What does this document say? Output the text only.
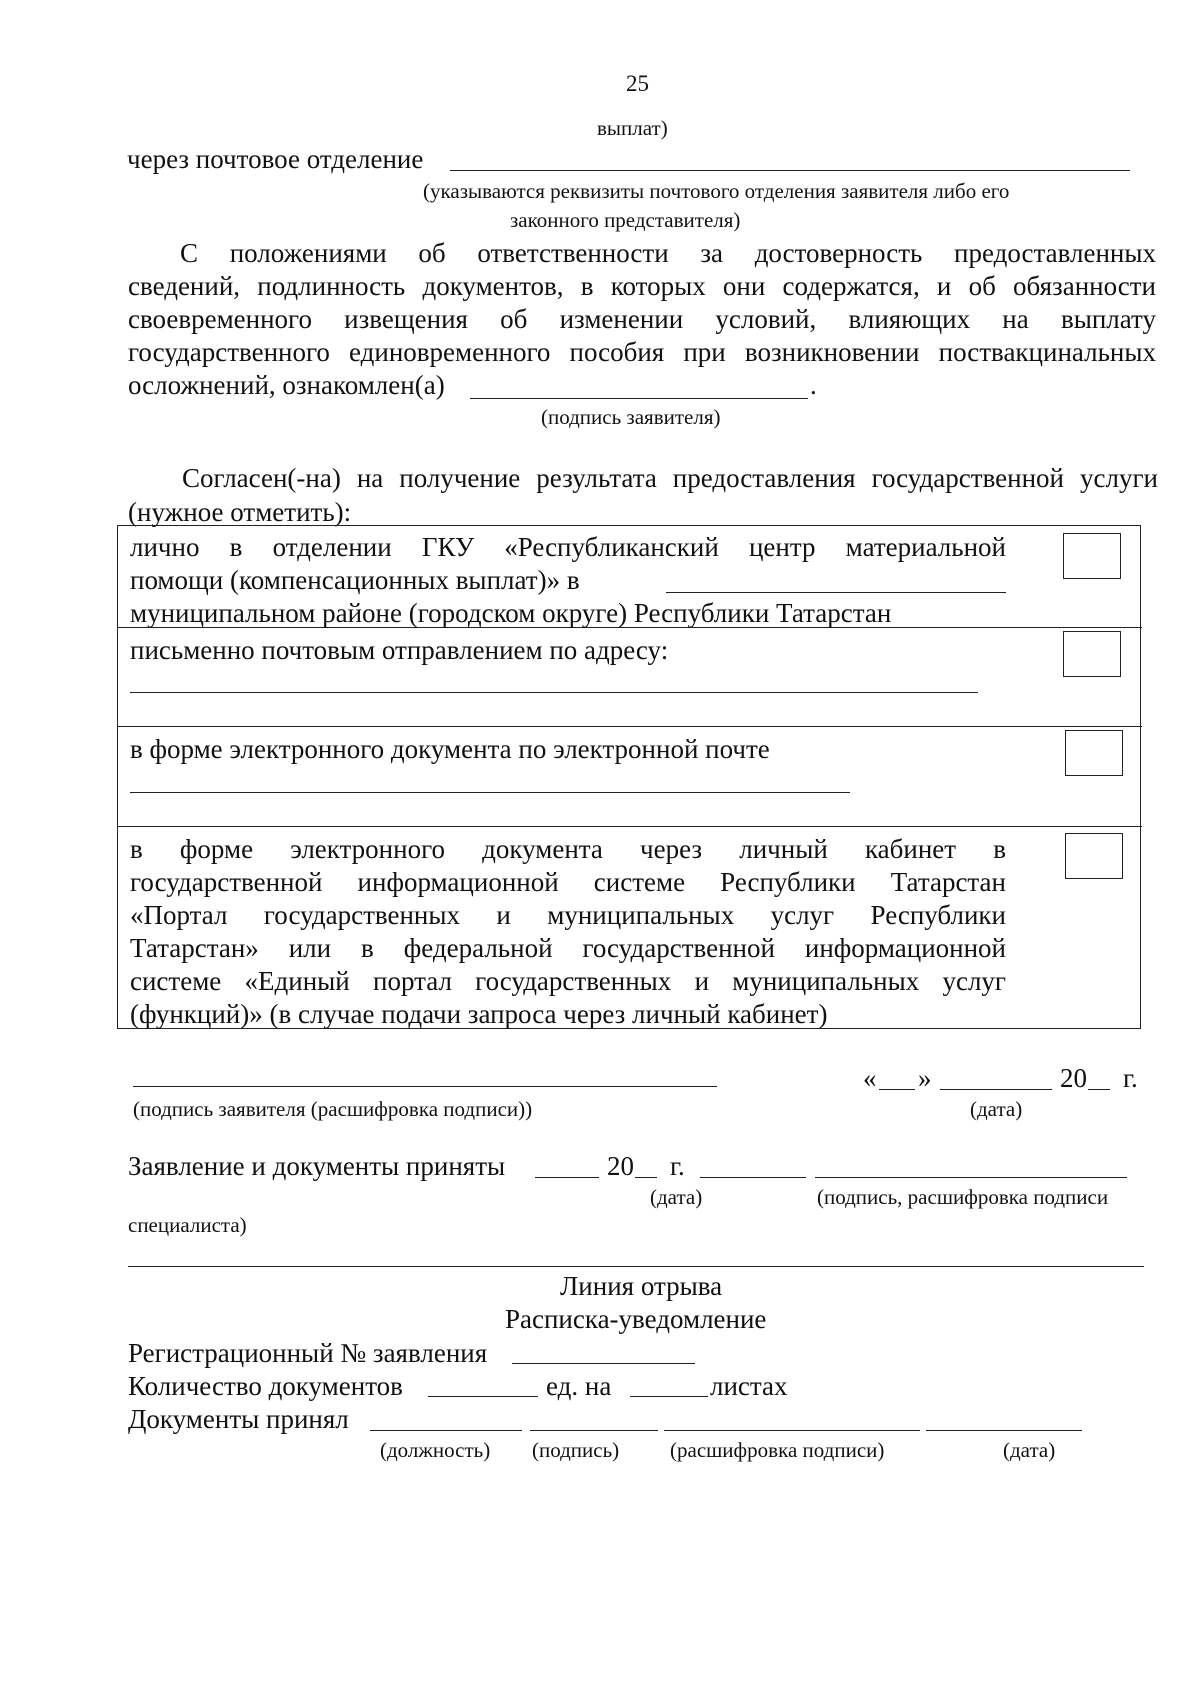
25
выплат)
через почтовое отделение
(указываются реквизиты почтового отделения заявителя либо его
законного представителя)
С положениями об ответственности за достоверность предоставленных
сведений, подлинность документов, в которых они содержатся, и об обязанности
своевременного извещения об изменении условий, влияющих на выплату
государственного единовременного пособия при возникновении поствакцинальных
осложнений, ознакомлен(а)	.
(подпись заявителя)
Согласен(-на) на получение результата предоставления государственной услуги
(нужное отметить):
лично в отделении ГКУ «Республиканский центр материальной
помощи (компенсационных выплат)» в
муниципальном районе (городском округе) Республики Татарстан
письменно почтовым отправлением по адресу:
в форме электронного документа по электронной почте
в форме электронного документа через личный кабинет в
государственной информационной системе Республики Татарстан
«Портал государственных и муниципальных услуг Республики
Татарстан» или в федеральной государственной информационной
системе «Единый портал государственных и муниципальных услуг
(функций)» (в случае подачи запроса через личный кабинет)
« »	20 г.
(подпись заявителя (расшифровка подписи))	(дата)
Заявление и документы приняты	20 г.
(дата)	(подпись, расшифровка подписи
специалиста)
Линия отрыва
Расписка-уведомление
Регистрационный № заявления
Количество документов	ед. на	листах
Документы принял
(должность) (подпись) (расшифровка подписи)	(дата)
